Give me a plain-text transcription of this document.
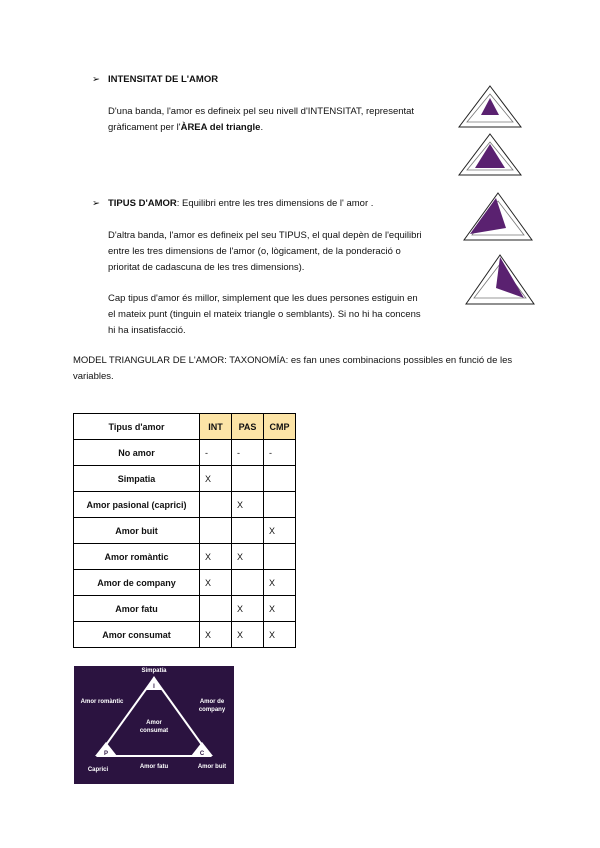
➢ INTENSITAT DE L'AMOR
D'una banda, l'amor es defineix pel seu nivell d'INTENSITAT, representat
gràficament per l'ÀREA del triangle.
➢ TIPUS D'AMOR: Equilibri entre les tres dimensions de l' amor .
D'altra banda, l'amor es defineix pel seu TIPUS, el qual depèn de l'equilibri
entre les tres dimensions de l'amor (o, lògicament, de la ponderació o
prioritat de cadascuna de les tres dimensions).
Cap tipus d'amor és millor, simplement que les dues persones estiguin en
el mateix punt (tinguin el mateix triangle o semblants). Si no hi ha concens
hi ha insatisfacció.
MODEL TRIANGULAR DE L'AMOR: TAXONOMÍA: es fan unes combinacions possibles en funció de les
variables.
Tipus d'amor	INT	PAS	CMP
No amor	-	-	-
Simpatia	X		
Amor pasional (caprici)		X	
Amor buit			X
Amor romàntic	X	X	
Amor de company	X		X
Amor fatu		X	X
Amor consumat	X	X	X
I
P	C
Simpatía
Amor romàntic	Amor de company
Amor consumat
Caprici	Amor fatu	Amor buit
